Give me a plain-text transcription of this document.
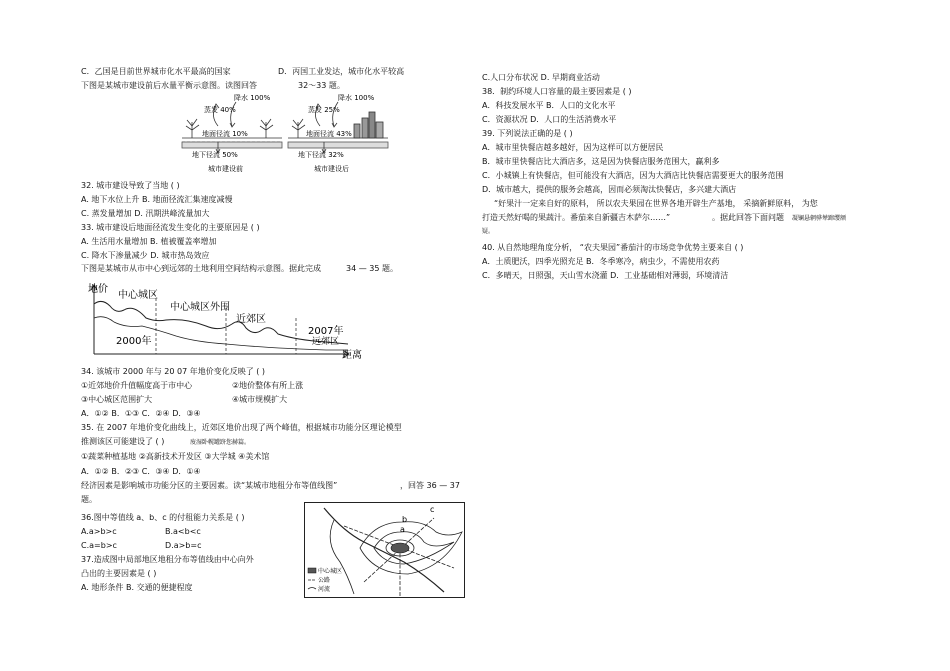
C．乙国是目前世界城市化水平最高的国家	D．丙国工业发达，城市化水平较高
下图是某城市建设前后水量平衡示意图。读图回答	32～33 题。
降水 100%
蒸发 40%
地面径流 10%
地下径流 50%
城市建设前
降水 100%
蒸发 25%
地面径流 43%
地下径流 32%
城市建设后
32. 城市建设导致了当地 ( )
A. 地下水位上升 B. 地面径流汇集速度减慢
C. 蒸发量增加 D. 汛期洪峰流量加大
33. 城市建设后地面径流发生变化的主要原因是 ( )
A. 生活用水量增加 B. 植被覆盖率增加
C. 降水下渗量减少 D. 城市热岛效应
下图是某城市从市中心到远郊的土地利用空间结构示意图。据此完成	34 — 35 题。
地价
中心城区
中心城区外围
近郊区
2007年
远郊区
2000年
距离
34. 该城市 2000 年与 20 07 年地价变化反映了 ( )
①近郊地价升值幅度高于市中心	②地价整体有所上涨
③中心城区范围扩大	④城市规模扩大
A．①② B．①③ C．②④ D．③④
35. 在 2007 年地价变化曲线上，近郊区地价出现了两个峰值，根据城市功能分区理论模型
推测该区可能建设了 ( )	废湿卧幌罐跻您赫篇。
①蔬菜种植基地 ②高新技术开发区 ③大学城 ④美术馆
A．①② B．②③ C．③④ D．①④
经济因素是影响城市功能分区的主要因素。读“某城市地租分布等值线图”	，回答 36 — 37
题。
36.图中等值线 a、b、c 的付租能力关系是 ( )
A.a>b>c	B.a<b<c
C.a=b>c	D.a>b=c
37.造成图中局部地区地租分布等值线由中心向外
凸出的主要因素是 ( )
A. 地形条件 B. 交通的便捷程度
c
b
a
中心城区
公路
河流
C.人口分布状况 D. 早期商业活动
38．制约环境人口容量的最主要因素是 ( )
A．科技发展水平 B．人口的文化水平
C．资源状况 D．人口的生活消费水平
39. 下列说法正确的是 ( )
A．城市里快餐店越多越好，因为这样可以方便居民
B．城市里快餐店比大酒店多，这是因为快餐店服务范围大，赢利多
C．小城镇上有快餐店，但可能没有大酒店，因为大酒店比快餐店需要更大的服务范围
D．城市越大，提供的服务会越高，因而必须淘汰快餐店，多兴建大酒店
“好果汁一定来自好的原料， 所以农夫果园在世界各地开辟生产基地， 采摘新鲜原料， 为您
打造天然好喝的果蔬汁。番茄来自新疆吉木萨尔……”	。据此回答下面问题 凝镧悬辋骅辇蹿缨额
疑。
40. 从自然地理角度分析， “农夫果园”番茄汁的市场竞争优势主要来自 ( )
A．土质肥沃，四季光照充足 B．冬季寒冷，病虫少，不需使用农药
C．多晴天，日照强，天山雪水浇灌 D．工业基础相对薄弱，环境清洁
